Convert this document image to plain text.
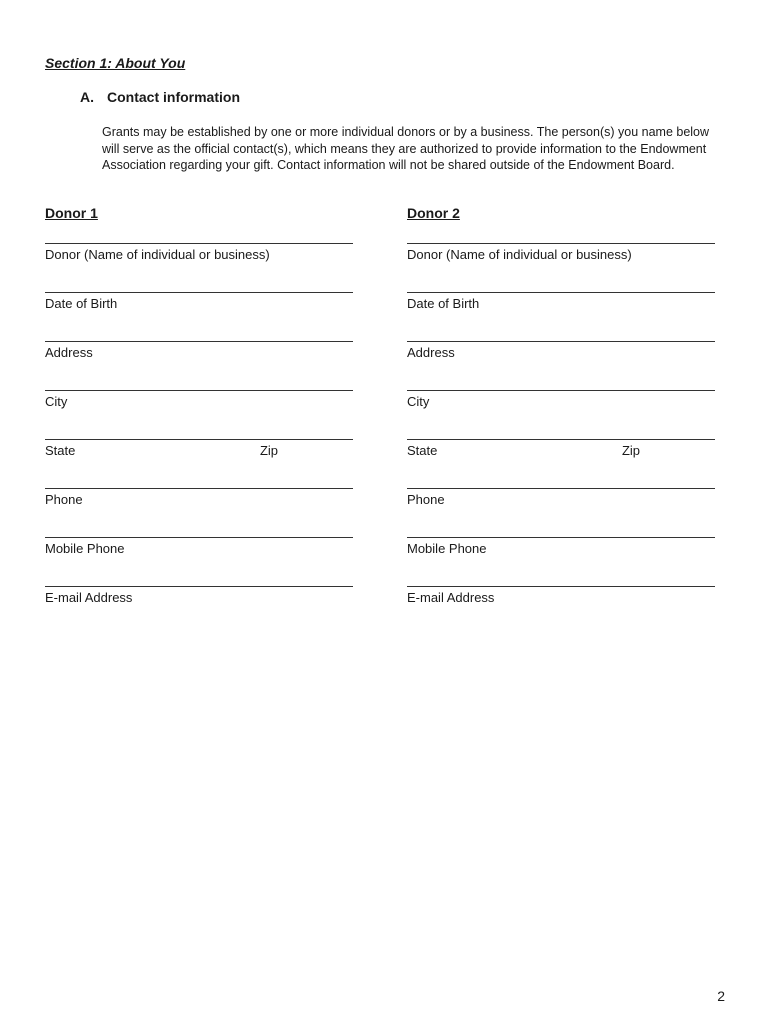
Section 1: About You
A. Contact information

Grants may be established by one or more individual donors or by a business. The person(s) you name below will serve as the official contact(s), which means they are authorized to provide information to the Endowment Association regarding your gift. Contact information will not be shared outside of the Endowment Board.

Donor 1
Donor (Name of individual or business)
Date of Birth
Address
City
State	Zip
Phone
Mobile Phone
E-mail Address
Donor 2
Donor (Name of individual or business)
Date of Birth
Address
City
State	Zip
Phone
Mobile Phone
E-mail Address
2
